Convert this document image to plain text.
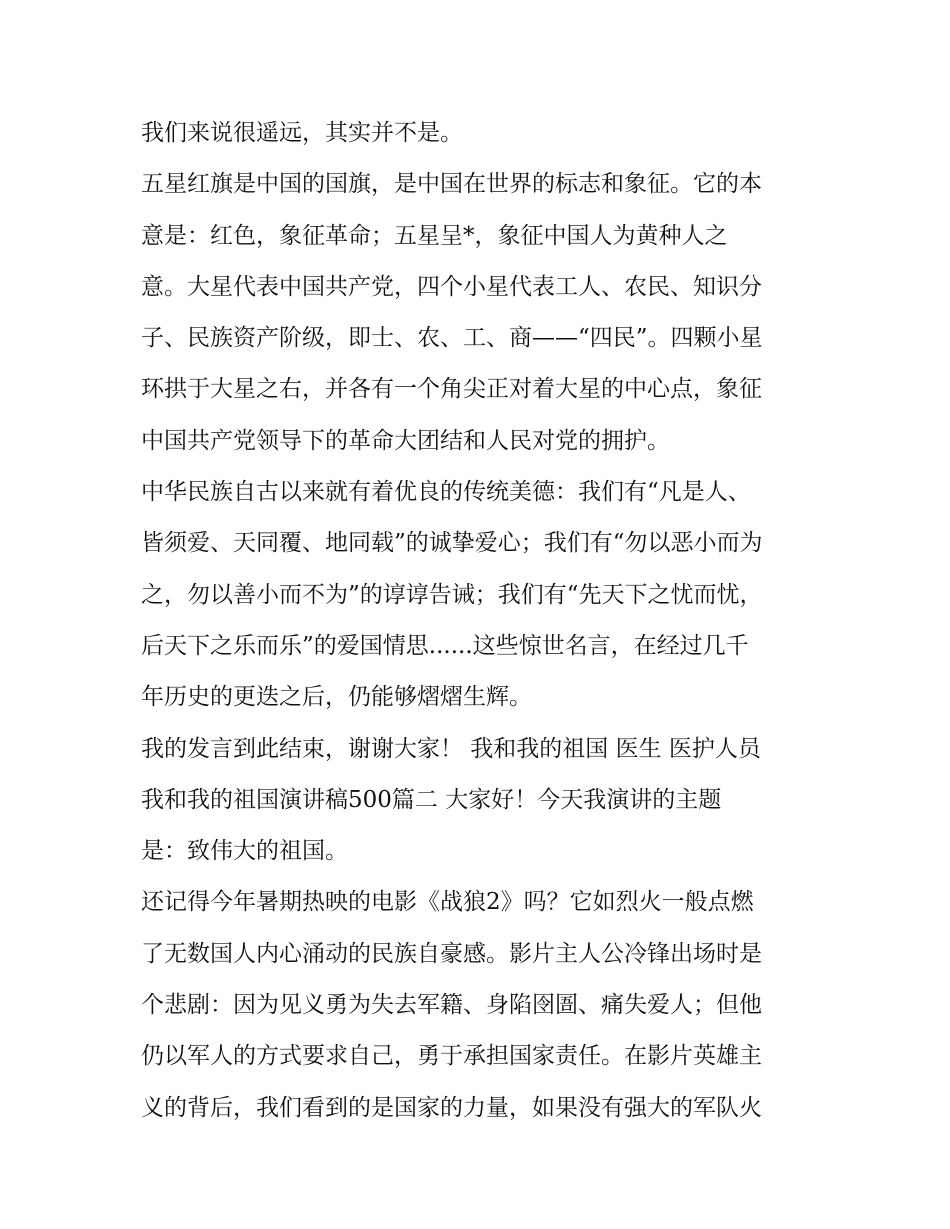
我们来说很遥远，其实并不是。
五星红旗是中国的国旗，是中国在世界的标志和象征。它的本
意是：红色，象征革命；五星呈*，象征中国人为黄种人之
意。大星代表中国共产党，四个小星代表工人、农民、知识分
子、民族资产阶级，即士、农、工、商——“四民”。四颗小星
环拱于大星之右，并各有一个角尖正对着大星的中心点，象征
中国共产党领导下的革命大团结和人民对党的拥护。
中华民族自古以来就有着优良的传统美德：我们有“凡是人、
皆须爱、天同覆、地同载”的诚挚爱心；我们有“勿以恶小而为
之，勿以善小而不为”的谆谆告诫；我们有“先天下之忧而忧，
后天下之乐而乐”的爱国情思......这些惊世名言，在经过几千
年历史的更迭之后，仍能够熠熠生辉。
我的发言到此结束，谢谢大家！ 我和我的祖国 医生 医护人员
我和我的祖国演讲稿500篇二 大家好！今天我演讲的主题
是：致伟大的祖国。
还记得今年暑期热映的电影《战狼2》吗？它如烈火一般点燃
了无数国人内心涌动的民族自豪感。影片主人公冷锋出场时是
个悲剧：因为见义勇为失去军籍、身陷囹圄、痛失爱人；但他
仍以军人的方式要求自己，勇于承担国家责任。在影片英雄主
义的背后，我们看到的是国家的力量，如果没有强大的军队火
